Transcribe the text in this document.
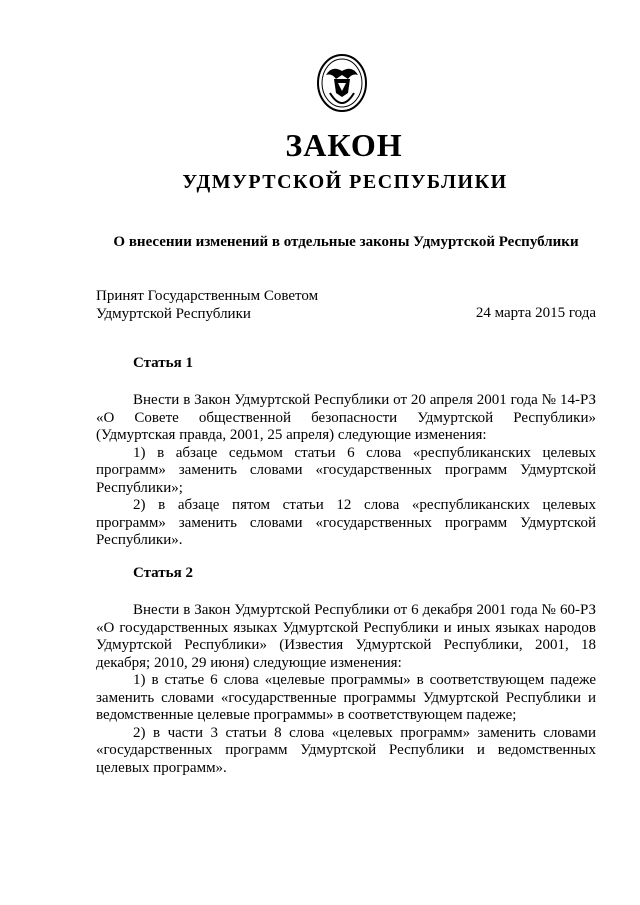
ЗАКОН
УДМУРТСКОЙ РЕСПУБЛИКИ
О внесении изменений в отдельные законы Удмуртской Республики
Принят Государственным Советом
Удмуртской Республики	24 марта 2015 года
Статья 1

Внести в Закон Удмуртской Республики от 20 апреля 2001 года № 14-РЗ «О Совете общественной безопасности Удмуртской Республики» (Удмуртская правда, 2001, 25 апреля) следующие изменения:

1) в абзаце седьмом статьи 6 слова «республиканских целевых программ» заменить словами «государственных программ Удмуртской Республики»;

2) в абзаце пятом статьи 12 слова «республиканских целевых программ» заменить словами «государственных программ Удмуртской Республики».

Статья 2

Внести в Закон Удмуртской Республики от 6 декабря 2001 года № 60-РЗ «О государственных языках Удмуртской Республики и иных языках народов Удмуртской Республики» (Известия Удмуртской Республики, 2001, 18 декабря; 2010, 29 июня) следующие изменения:

1) в статье 6 слова «целевые программы» в соответствующем падеже заменить словами «государственные программы Удмуртской Республики и ведомственные целевые программы» в соответствующем падеже;

2) в части 3 статьи 8 слова «целевых программ» заменить словами «государственных программ Удмуртской Республики и ведомственных целевых программ».
